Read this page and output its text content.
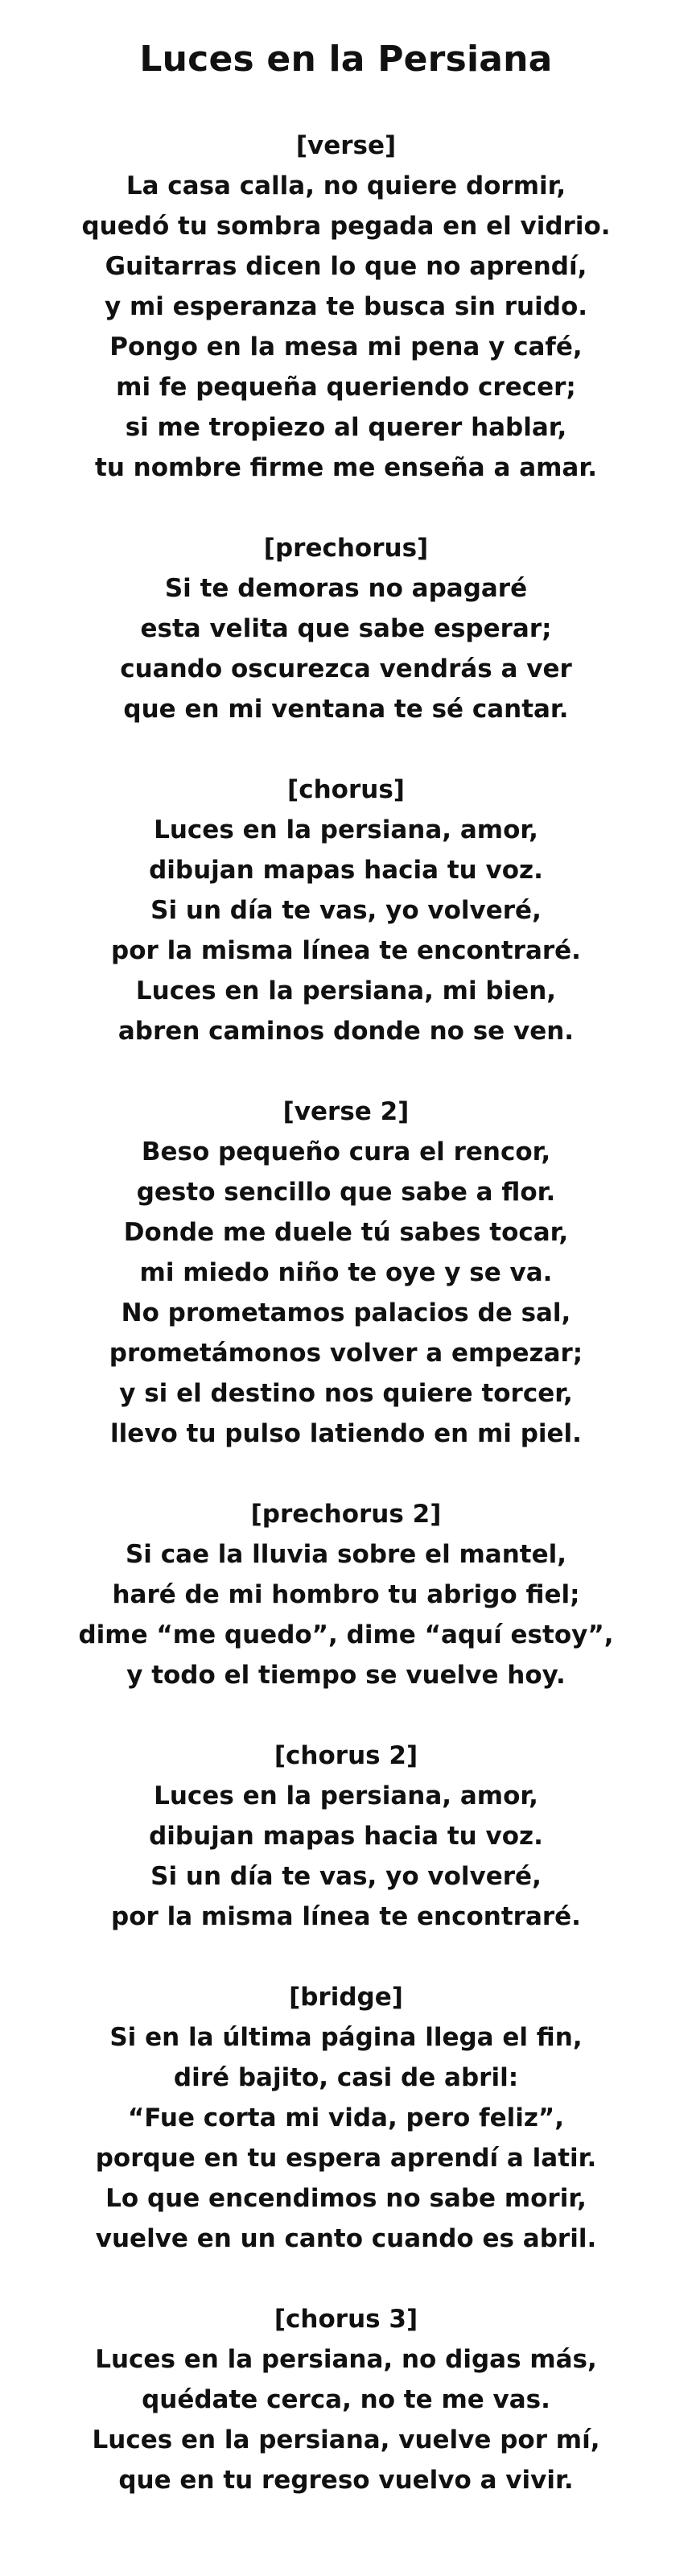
Luces en la Persiana
[verse]
La casa calla, no quiere dormir,
quedó tu sombra pegada en el vidrio.
Guitarras dicen lo que no aprendí,
y mi esperanza te busca sin ruido.
Pongo en la mesa mi pena y café,
mi fe pequeña queriendo crecer;
si me tropiezo al querer hablar,
tu nombre firme me enseña a amar.
[prechorus]
Si te demoras no apagaré
esta velita que sabe esperar;
cuando oscurezca vendrás a ver
que en mi ventana te sé cantar.
[chorus]
Luces en la persiana, amor,
dibujan mapas hacia tu voz.
Si un día te vas, yo volveré,
por la misma línea te encontraré.
Luces en la persiana, mi bien,
abren caminos donde no se ven.
[verse 2]
Beso pequeño cura el rencor,
gesto sencillo que sabe a flor.
Donde me duele tú sabes tocar,
mi miedo niño te oye y se va.
No prometamos palacios de sal,
prometámonos volver a empezar;
y si el destino nos quiere torcer,
llevo tu pulso latiendo en mi piel.
[prechorus 2]
Si cae la lluvia sobre el mantel,
haré de mi hombro tu abrigo fiel;
dime “me quedo”, dime “aquí estoy”,
y todo el tiempo se vuelve hoy.
[chorus 2]
Luces en la persiana, amor,
dibujan mapas hacia tu voz.
Si un día te vas, yo volveré,
por la misma línea te encontraré.
[bridge]
Si en la última página llega el fin,
diré bajito, casi de abril:
“Fue corta mi vida, pero feliz”,
porque en tu espera aprendí a latir.
Lo que encendimos no sabe morir,
vuelve en un canto cuando es abril.
[chorus 3]
Luces en la persiana, no digas más,
quédate cerca, no te me vas.
Luces en la persiana, vuelve por mí,
que en tu regreso vuelvo a vivir.
